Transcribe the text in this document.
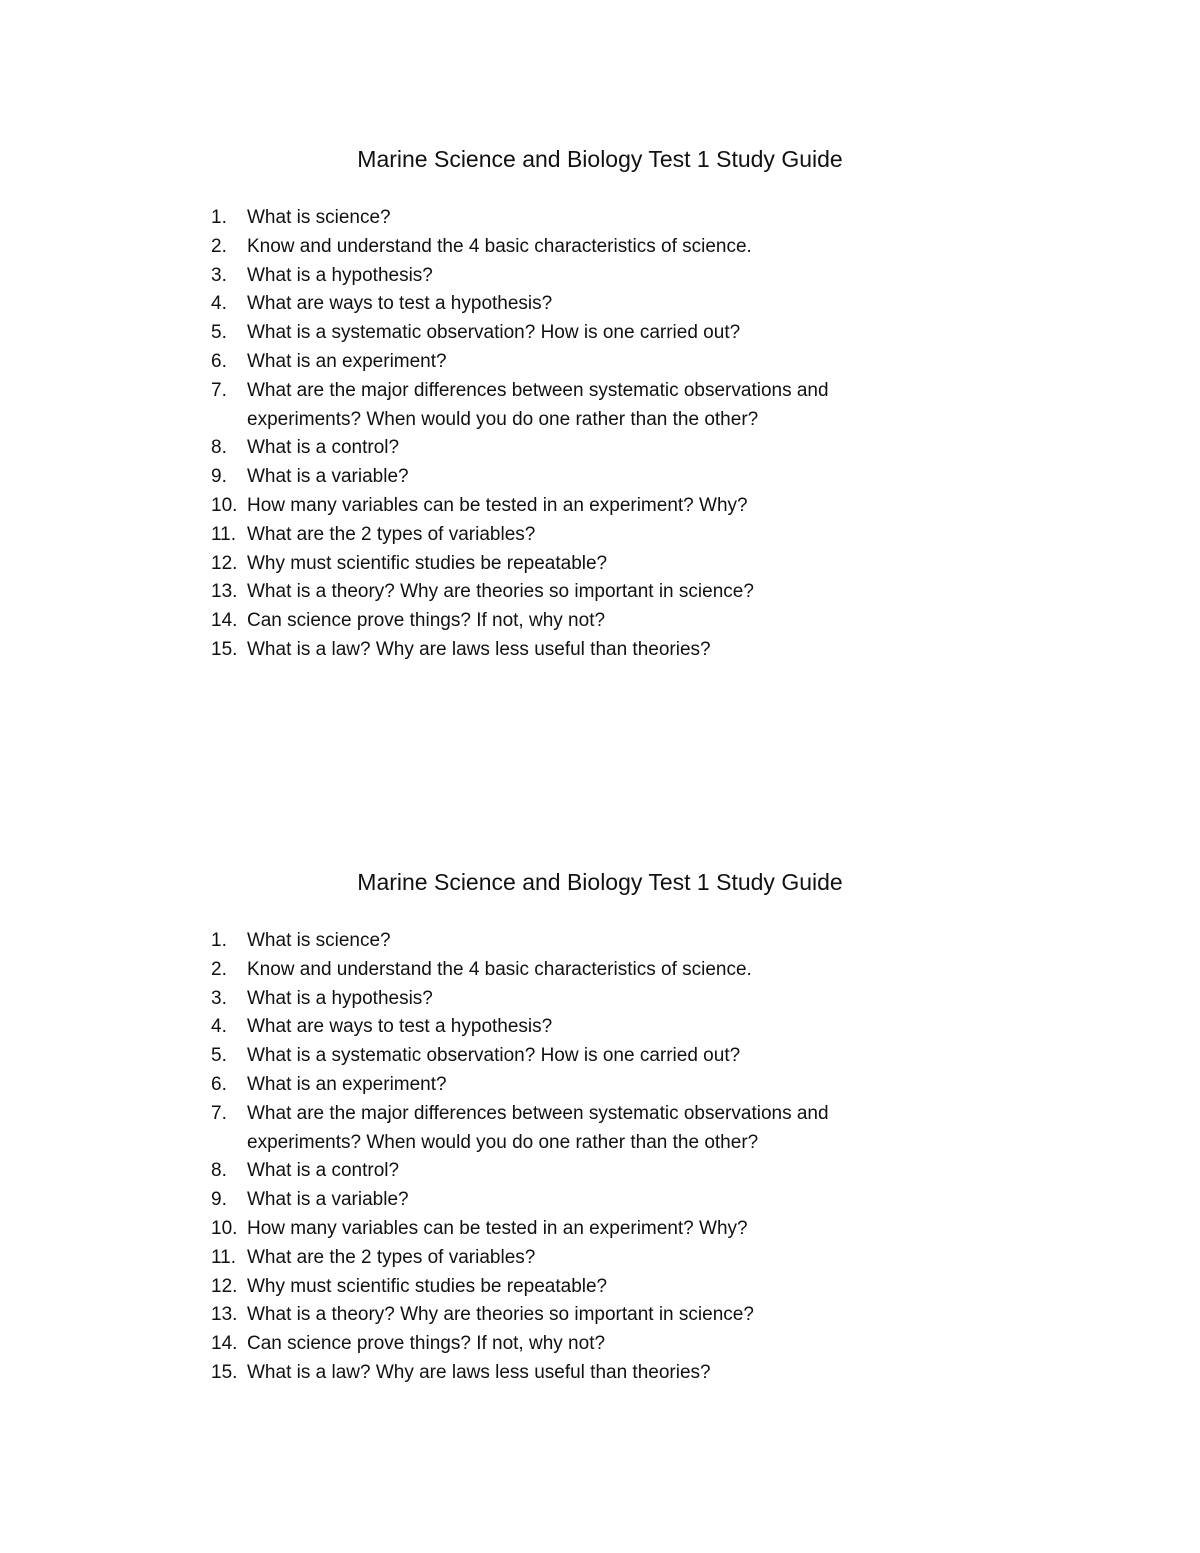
Marine Science and Biology Test 1 Study Guide
1.	What is science?
2.	Know and understand the 4 basic characteristics of science.
3.	What is a hypothesis?
4.	What are ways to test a hypothesis?
5.	What is a systematic observation? How is one carried out?
6.	What is an experiment?
7.	What are the major differences between systematic observations and experiments? When would you do one rather than the other?
8.	What is a control?
9.	What is a variable?
10. How many variables can be tested in an experiment? Why?
11. What are the 2 types of variables?
12. Why must scientific studies be repeatable?
13. What is a theory? Why are theories so important in science?
14. Can science prove things? If not, why not?
15. What is a law? Why are laws less useful than theories?
Marine Science and Biology Test 1 Study Guide
1.	What is science?
2.	Know and understand the 4 basic characteristics of science.
3.	What is a hypothesis?
4.	What are ways to test a hypothesis?
5.	What is a systematic observation? How is one carried out?
6.	What is an experiment?
7.	What are the major differences between systematic observations and experiments? When would you do one rather than the other?
8.	What is a control?
9.	What is a variable?
10. How many variables can be tested in an experiment? Why?
11. What are the 2 types of variables?
12. Why must scientific studies be repeatable?
13. What is a theory? Why are theories so important in science?
14. Can science prove things? If not, why not?
15. What is a law? Why are laws less useful than theories?
